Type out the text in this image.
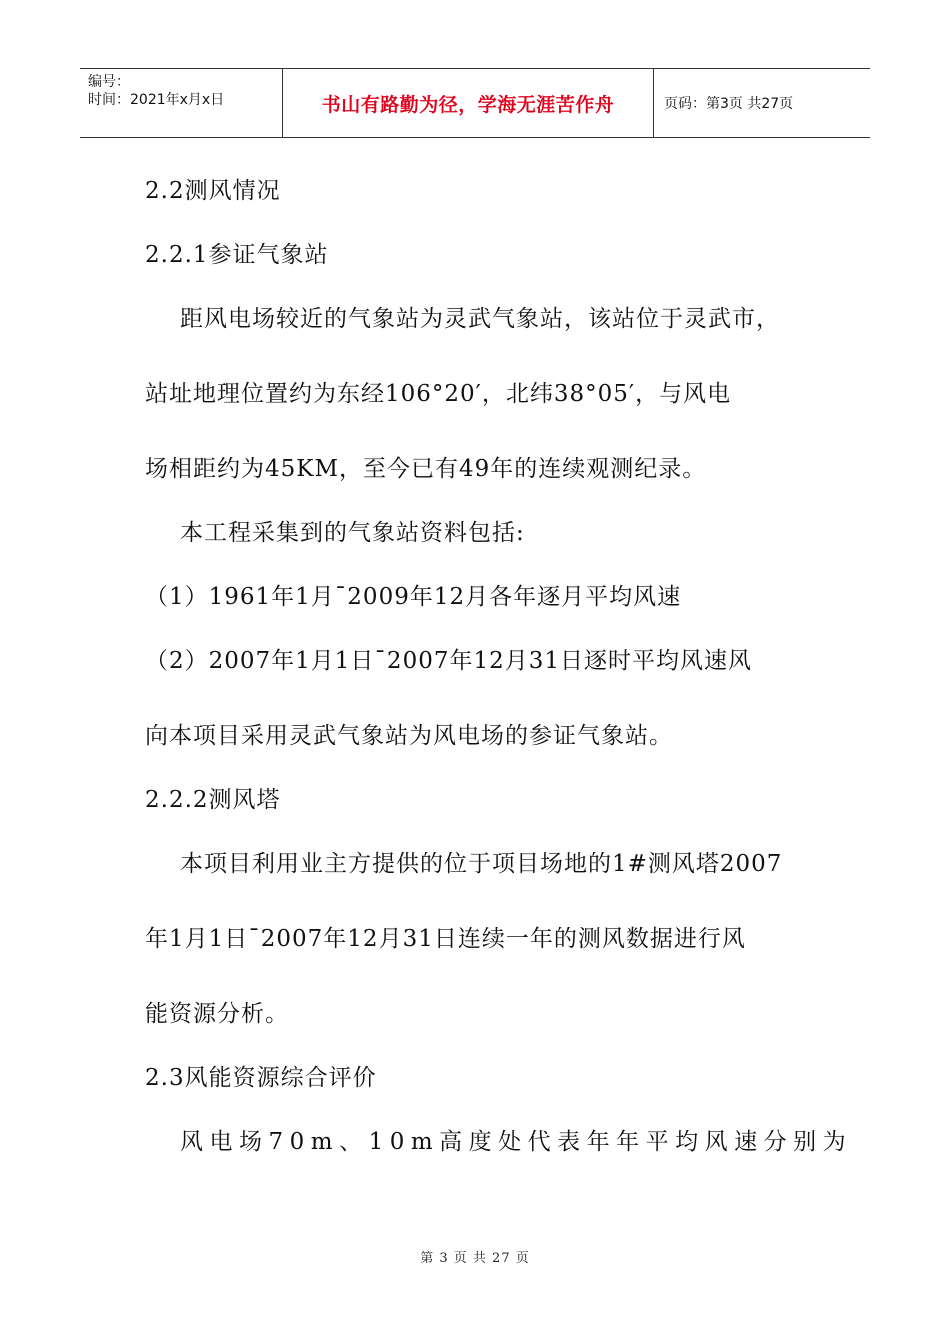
编号：
时间：2021年x月x日	书山有路勤为径，学海无涯苦作舟	页码：第3页 共27页
2.2测风情况
2.2.1参证气象站
距风电场较近的气象站为灵武气象站，该站位于灵武市，
站址地理位置约为东经106°20′，北纬38°05′，与风电
场相距约为45KM，至今已有49年的连续观测纪录。
本工程采集到的气象站资料包括:
（1）1961年1月¯2009年12月各年逐月平均风速
（2）2007年1月1日¯2007年12月31日逐时平均风速风
向本项目采用灵武气象站为风电场的参证气象站。
2.2.2测风塔
本项目利用业主方提供的位于项目场地的1#测风塔2007
年1月1日¯2007年12月31日连续一年的测风数据进行风
能资源分析。
2.3风能资源综合评价
风电场70m、10m高度处代表年年平均风速分别为
第 3 页 共 27 页
